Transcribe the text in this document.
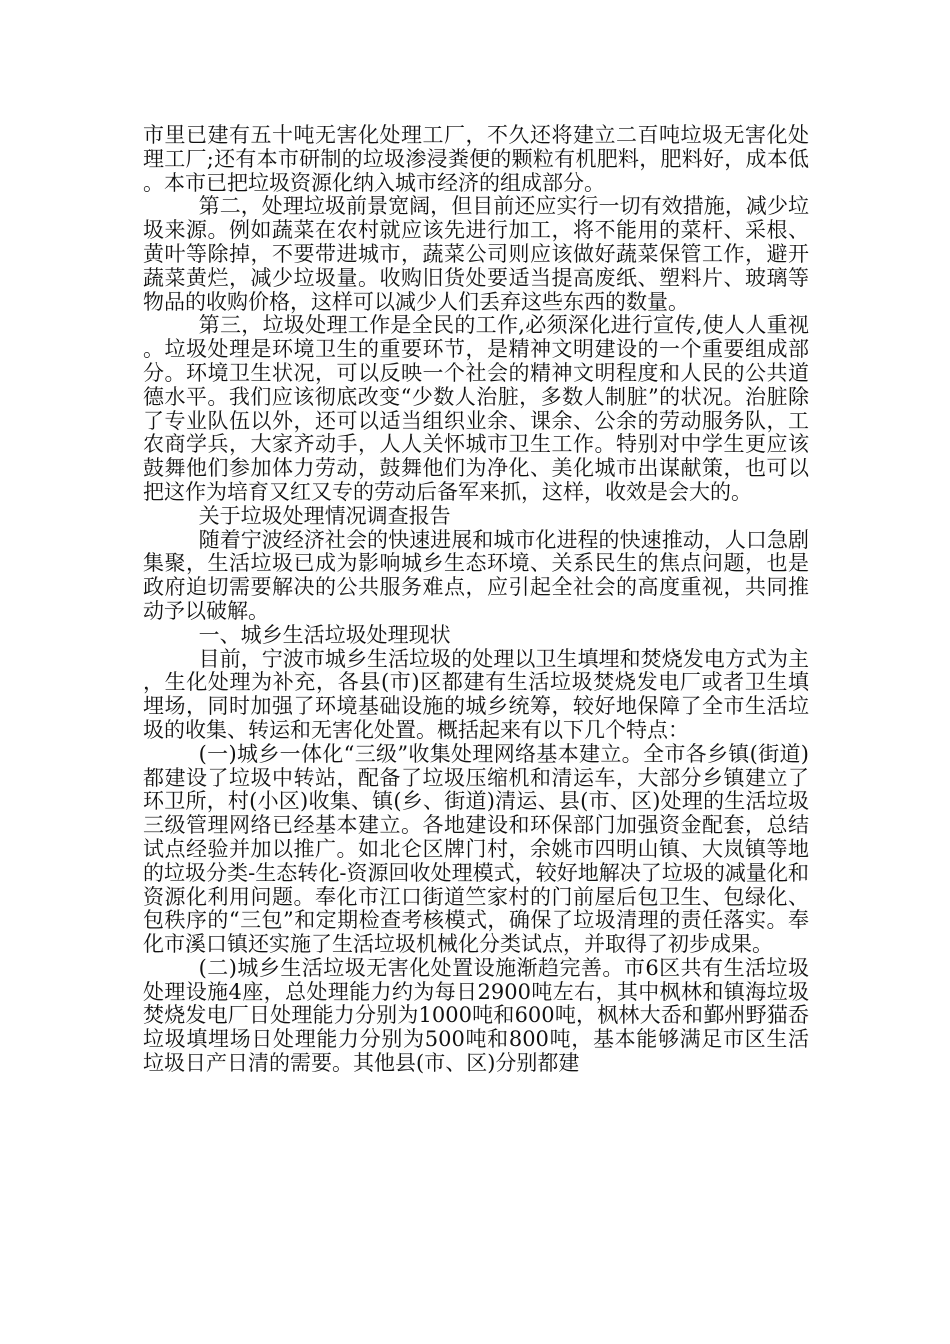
市里已建有五十吨无害化处理工厂，不久还将建立二百吨垃圾无害化处理工厂;还有本市研制的垃圾渗浸粪便的颗粒有机肥料，肥料好，成本低。本市已把垃圾资源化纳入城市经济的组成部分。

第二，处理垃圾前景宽阔，但目前还应实行一切有效措施，减少垃圾来源。例如蔬菜在农村就应该先进行加工，将不能用的菜杆、采根、黄叶等除掉，不要带进城市，蔬菜公司则应该做好蔬菜保管工作，避开蔬菜黄烂，减少垃圾量。收购旧货处要适当提高废纸、塑料片、玻璃等物品的收购价格，这样可以减少人们丢弃这些东西的数量。

第三，垃圾处理工作是全民的工作,必须深化进行宣传,使人人重视。垃圾处理是环境卫生的重要环节，是精神文明建设的一个重要组成部分。环境卫生状况，可以反映一个社会的精神文明程度和人民的公共道德水平。我们应该彻底改变“少数人治脏，多数人制脏”的状况。治脏除了专业队伍以外，还可以适当组织业余、课余、公余的劳动服务队，工农商学兵，大家齐动手，人人关怀城市卫生工作。特别对中学生更应该鼓舞他们参加体力劳动，鼓舞他们为净化、美化城市出谋献策，也可以把这作为培育又红又专的劳动后备军来抓，这样，收效是会大的。

关于垃圾处理情况调查报告

随着宁波经济社会的快速进展和城市化进程的快速推动，人口急剧集聚，生活垃圾已成为影响城乡生态环境、关系民生的焦点问题，也是政府迫切需要解决的公共服务难点，应引起全社会的高度重视，共同推动予以破解。

一、城乡生活垃圾处理现状

目前，宁波市城乡生活垃圾的处理以卫生填埋和焚烧发电方式为主，生化处理为补充，各县(市)区都建有生活垃圾焚烧发电厂或者卫生填埋场，同时加强了环境基础设施的城乡统筹，较好地保障了全市生活垃圾的收集、转运和无害化处置。概括起来有以下几个特点：

(一)城乡一体化“三级”收集处理网络基本建立。全市各乡镇(街道)都建设了垃圾中转站，配备了垃圾压缩机和清运车，大部分乡镇建立了环卫所，村(小区)收集、镇(乡、街道)清运、县(市、区)处理的生活垃圾三级管理网络已经基本建立。各地建设和环保部门加强资金配套，总结试点经验并加以推广。如北仑区牌门村，余姚市四明山镇、大岚镇等地的垃圾分类-生态转化-资源回收处理模式，较好地解决了垃圾的减量化和资源化利用问题。奉化市江口街道竺家村的门前屋后包卫生、包绿化、包秩序的“三包”和定期检查考核模式，确保了垃圾清理的责任落实。奉化市溪口镇还实施了生活垃圾机械化分类试点，并取得了初步成果。

(二)城乡生活垃圾无害化处置设施渐趋完善。市6区共有生活垃圾处理设施4座，总处理能力约为每日2900吨左右，其中枫林和镇海垃圾焚烧发电厂日处理能力分别为1000吨和600吨，枫林大岙和鄞州野猫岙垃圾填埋场日处理能力分别为500吨和800吨，基本能够满足市区生活垃圾日产日清的需要。其他县(市、区)分别都建
